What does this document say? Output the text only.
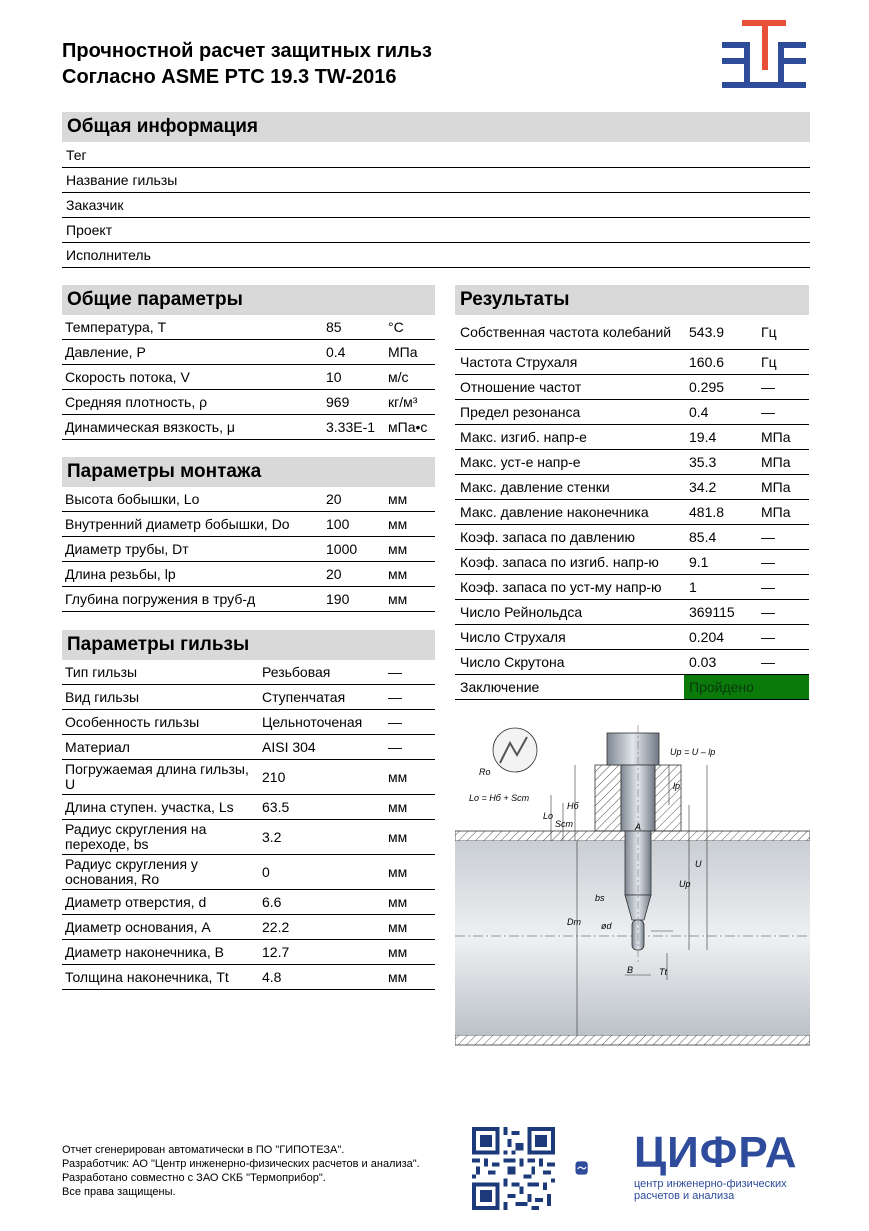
Прочностной расчет защитных гильз
Согласно ASME PTC 19.3 TW-2016
Общая информация
Тег
Название гильзы
Заказчик
Проект
Исполнитель
Общие параметры
Температура, T	85	°C
Давление, P	0.4	МПа
Скорость потока, V	10	м/с
Средняя плотность, ρ	969	кг/м³
Динамическая вязкость, μ	3.33E-1 мПа•с
Параметры монтажа
Высота бобышки, Lo	20	мм
Внутренний диаметр бобышки, Do	100	мм
Диаметр трубы, Dт	1000 мм
Длина резьбы, lp	20	мм
Глубина погружения в труб-д	190	мм
Параметры гильзы
Тип гильзы	Резьбовая	—
Вид гильзы	Ступенчатая	—
Особенность гильзы	Цельноточеная —
Материал	AISI 304	—
Погружаемая длина гильзы, U	210	мм
Длина ступен. участка, Ls	63.5	мм
Радиус скругления на переходе, bs	3.2	мм
Радиус скругления у основания, Ro	0	мм
Диаметр отверстия, d	6.6	мм
Диаметр основания, A	22.2	мм
Диаметр наконечника, B	12.7	мм
Толщина наконечника, Tt	4.8	мм
Результаты
Собственная частота колебаний	543.9	Гц
Частота Струхаля	160.6	Гц
Отношение частот	0.295	—
Предел резонанса	0.4	—
Макс. изгиб. напр-е	19.4	МПа
Макс. уст-е напр-е	35.3	МПа
Макс. давление стенки	34.2	МПа
Макс. давление наконечника	481.8	МПа
Коэф. запаса по давлению	85.4	—
Коэф. запаса по изгиб. напр-ю	9.1	—
Коэф. запаса по уст-му напр-ю	1	—
Число Рейнольдса	369115 —
Число Струхаля	0.204	—
Число Скрутона	0.03	—
Заключение	Пройдено
Up = U – lp
Lo = Hб + Scm
Ro
Lo
Hб
Scm
lp
A
Up
U
bs
Dm ød
B	Tt
Отчет сгенерирован автоматически в ПО "ГИПОТЕЗА".
Разработчик: АО "Центр инженерно-физических расчетов и анализа".
Разработано совместно с ЗАО СКБ "Термоприбор".
Все права защищены.
ЦИФРА
центр инженерно-физических
расчетов и анализа
